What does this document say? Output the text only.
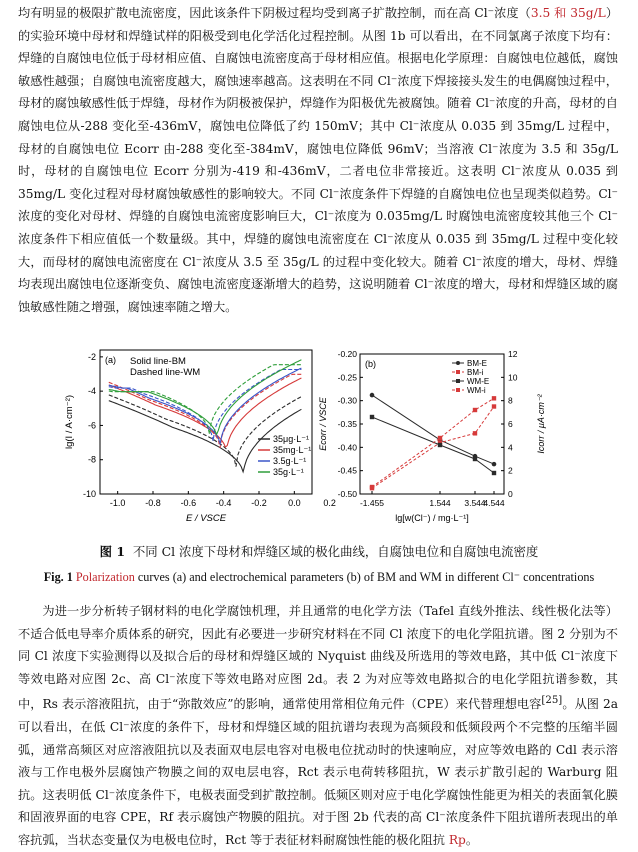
均有明显的极限扩散电流密度，因此该条件下阴极过程均受到离子扩散控制，而在高 Cl⁻浓度（3.5 和 35g/L）的实验环境中母材和焊缝试样的阳极受到电化学活化过程控制。从图 1b 可以看出，在不同氯离子浓度下均有：焊缝的自腐蚀电位低于母材相应值、自腐蚀电流密度高于母材相应值。根据电化学原理：自腐蚀电位越低，腐蚀敏感性越强；自腐蚀电流密度越大，腐蚀速率越高。这表明在不同 Cl⁻浓度下焊接接头发生的电偶腐蚀过程中，母材的腐蚀敏感性低于焊缝，母材作为阴极被保护，焊缝作为阳极优先被腐蚀。随着 Cl⁻浓度的升高，母材的自腐蚀电位从-288 变化至-436mV，腐蚀电位降低了约 150mV；其中 Cl⁻浓度从 0.035 到 35mg/L 过程中，母材的自腐蚀电位 Ecorr 由-288 变化至-384mV，腐蚀电位降低 96mV；当溶液 Cl⁻浓度为 3.5 和 35g/L 时，母材的自腐蚀电位 Ecorr 分别为-419 和-436mV，二者电位非常接近。这表明 Cl⁻浓度从 0.035 到 35mg/L 变化过程对母材腐蚀敏感性的影响较大。不同 Cl⁻浓度条件下焊缝的自腐蚀电位也呈现类似趋势。Cl⁻浓度的变化对母材、焊缝的自腐蚀电流密度影响巨大，Cl⁻浓度为 0.035mg/L 时腐蚀电流密度较其他三个 Cl⁻浓度条件下相应值低一个数量级。其中，焊缝的腐蚀电流密度在 Cl⁻浓度从 0.035 到 35mg/L 过程中变化较大，而母材的腐蚀电流密度在 Cl⁻浓度从 3.5 至 35g/L 的过程中变化较大。随着 Cl⁻浓度的增大，母材、焊缝均表现出腐蚀电位逐渐变负、腐蚀电流密度逐渐增大的趋势，这说明随着 Cl⁻浓度的增大，母材和焊缝区域的腐蚀敏感性随之增强，腐蚀速率随之增大。

-1.0 -0.8 -0.6 -0.4 -0.2 0.0	0.2
-2
-4
-6
-8
-10
E / VSCE
lg(I / A·cm⁻²)
(a) Solid line-BM
Dashed line-WM
35μg·L⁻¹
35mg·L⁻¹
3.5g·L⁻¹
35g·L⁻¹
-1.455	1.544 3.544
4.544
-0.20
-0.25
-0.30
-0.35
-0.40
-0.45
-0.50
12
10
8
6
4
2
0
lg[w(Cl⁻) / mg·L⁻¹]
Ecorr / VSCE	Icorr / μA·cm⁻²
(b)	BM-E
BM-i
WM-E
WM-i
图 1 不同 Cl 浓度下母材和焊缝区域的极化曲线，自腐蚀电位和自腐蚀电流密度
Fig. 1 Polarization curves (a) and electrochemical parameters (b) of BM and WM in different Cl⁻ concentrations

为进一步分析转子钢材料的电化学腐蚀机理，并且通常的电化学方法（Tafel 直线外推法、线性极化法等）不适合低电导率介质体系的研究，因此有必要进一步研究材料在不同 Cl 浓度下的电化学阻抗谱。图 2 分别为不同 Cl 浓度下实验测得以及拟合后的母材和焊缝区域的 Nyquist 曲线及所选用的等效电路，其中低 Cl⁻浓度下等效电路对应图 2c、高 Cl⁻浓度下等效电路对应图 2d。表 2 为对应等效电路拟合的电化学阻抗谱参数，其中，Rs 表示溶液阻抗，由于“弥散效应”的影响，通常使用常相位角元件（CPE）来代替理想电容[25]。从图 2a 可以看出，在低 Cl⁻浓度的条件下，母材和焊缝区域的阻抗谱均表现为高频段和低频段两个不完整的压缩半圆弧，通常高频区对应溶液阻抗以及表面双电层电容对电极电位扰动时的快速响应，对应等效电路的 Cdl 表示溶液与工作电极外层腐蚀产物膜之间的双电层电容，Rct 表示电荷转移阻抗，W 表示扩散引起的 Warburg 阻抗。这表明低 Cl⁻浓度条件下，电极表面受到扩散控制。低频区则对应于电化学腐蚀性能更为相关的表面氧化膜和固液界面的电容 CPE，Rf 表示腐蚀产物膜的阻抗。对于图 2b 代表的高 Cl⁻浓度条件下阻抗谱所表现出的单容抗弧，当状态变量仅为电极电位时，Rct 等于表征材料耐腐蚀性能的极化阻抗 Rp。
